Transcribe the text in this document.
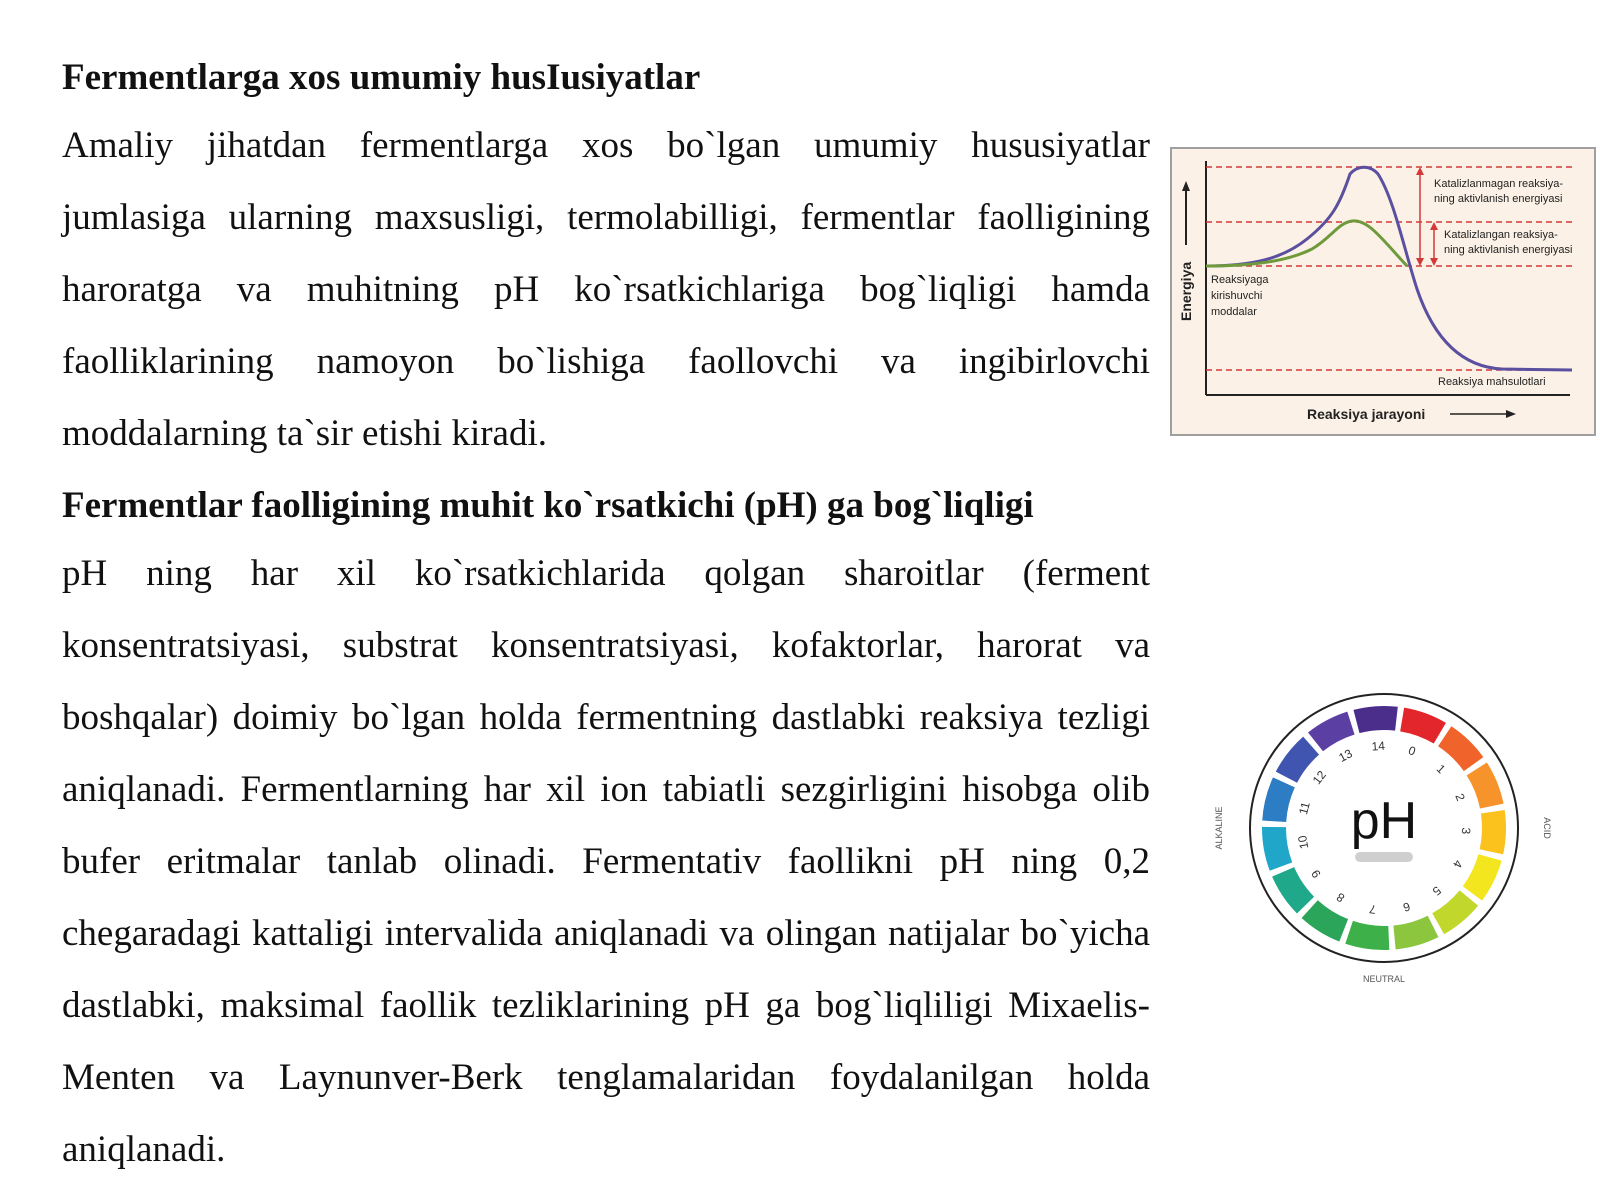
Fermentlarga xos umumiy husIusiyatlar

Amaliy jihatdan fermentlarga xos bo`lgan umumiy hususiyatlar jumlasiga ularning maxsusligi, termolabilligi, fermentlar faolligining haroratga va muhitning pH ko`rsatkichlariga bog`liqligi hamda faolliklarining namoyon bo`lishiga faollovchi va ingibirlovchi moddalarning ta`sir etishi kiradi.

Fermentlar faolligining muhit ko`rsatkichi (pH) ga bog`liqligi

pH ning har xil ko`rsatkichlarida qolgan sharoitlar (ferment konsentratsiyasi, substrat konsentratsiyasi, kofaktorlar, harorat va boshqalar) doimiy bo`lgan holda fermentning dastlabki reaksiya tezligi aniqlanadi. Fermentlarning har xil ion tabiatli sezgirligini hisobga olib bufer eritmalar tanlab olinadi. Fermentativ faollikni pH ning 0,2 chegaradagi kattaligi intervalida aniqlanadi va olingan natijalar bo`yicha dastlabki, maksimal faollik tezliklarining pH ga bog`liqliligi Mixaelis-Menten va Laynunver-Berk tenglamalaridan foydalanilgan holda aniqlanadi.

Energiya
Katalizlanmagan reaksiya-
ning aktivlanish energiyasi
Katalizlangan reaksiya-
ning aktivlanish energiyasi
Reaksiyaga
kirishuvchi
moddalar
Reaksiya mahsulotlari
Reaksiya jarayoni
0
1
2
3
4
5
6
7
8
9
10
11
12
13
14
pH
ALKALINE	ACID
NEUTRAL
